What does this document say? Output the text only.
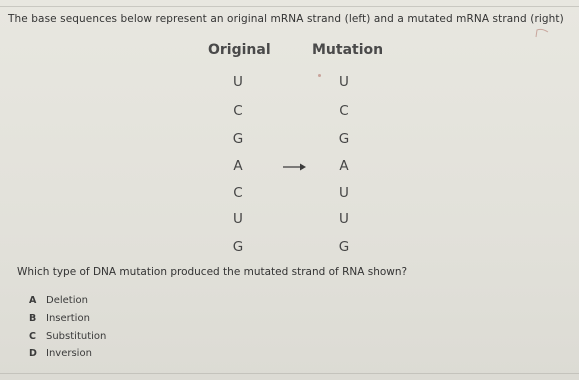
The base sequences below represent an original mRNA strand (left) and a mutated mRNA strand (right)
Original	Mutation
U
C
G
A
C
U
G
U
C
G
A
U
U
G
Which type of DNA mutation produced the mutated strand of RNA shown?
A Deletion
B Insertion
C Substitution
D Inversion
